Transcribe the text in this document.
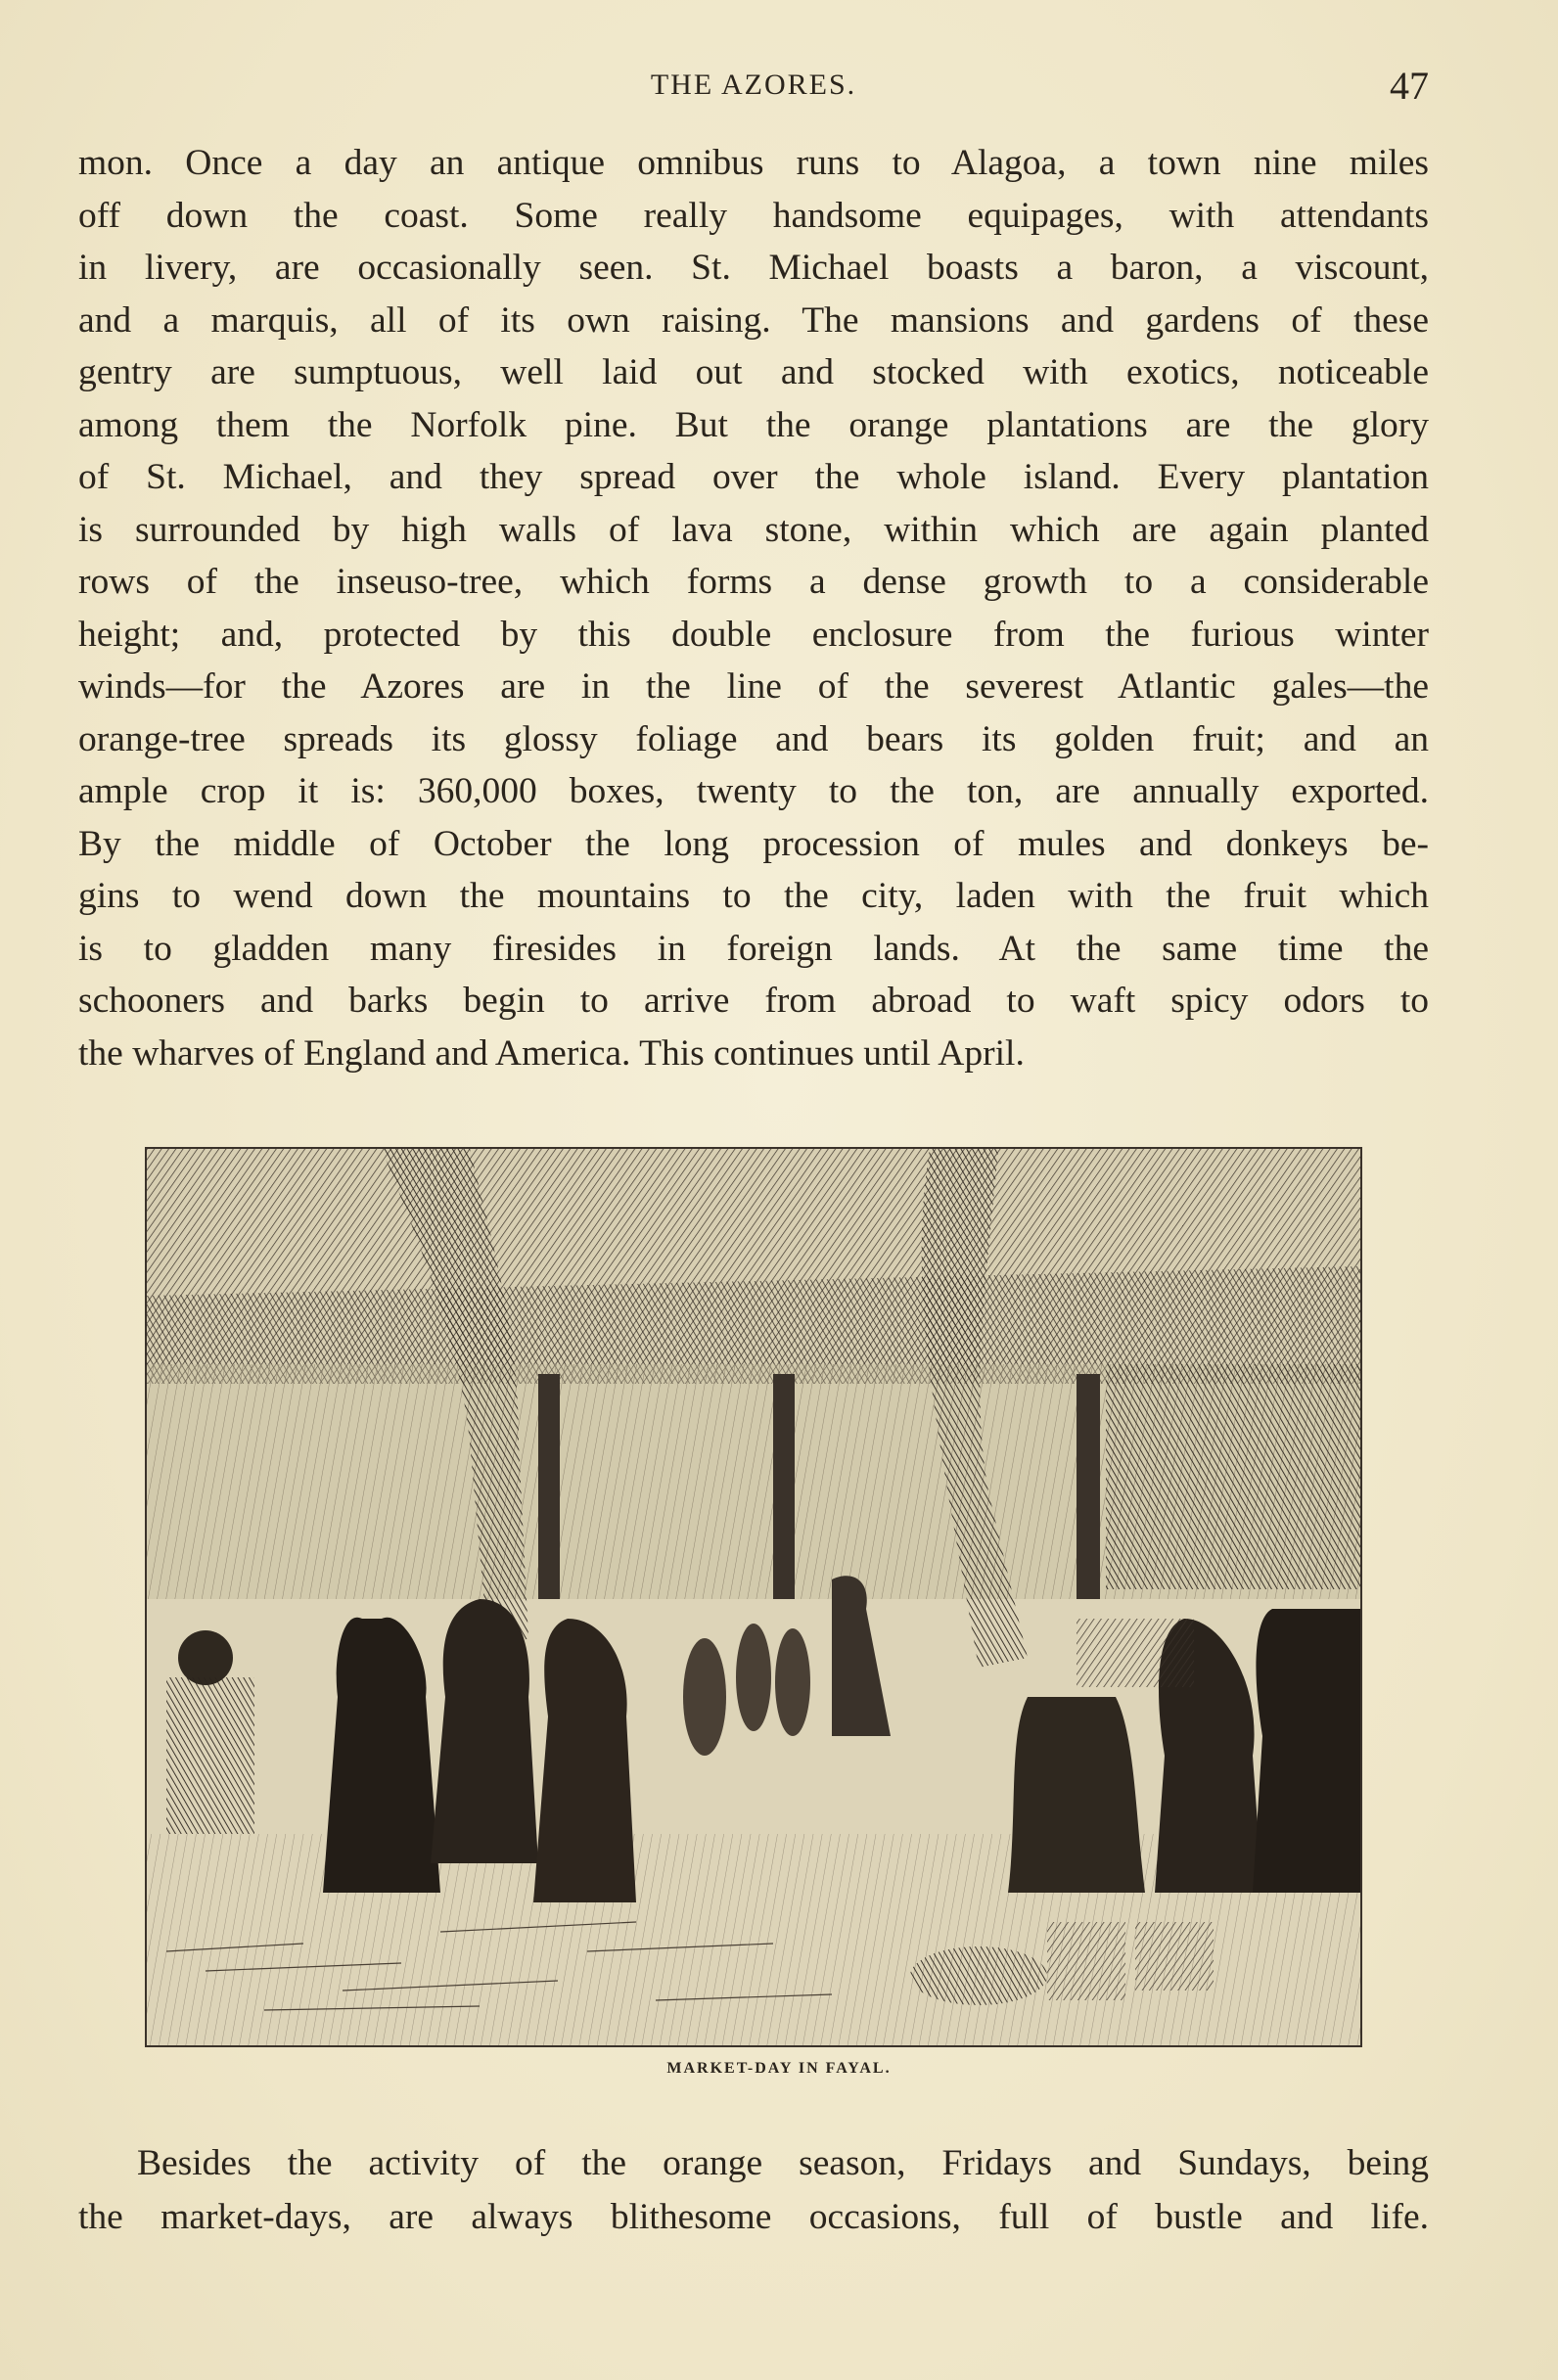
THE AZORES.	47
mon. Once a day an antique omnibus runs to Alagoa, a town nine miles
off down the coast. Some really handsome equipages, with attendants
in livery, are occasionally seen. St. Michael boasts a baron, a viscount,
and a marquis, all of its own raising. The mansions and gardens of these
gentry are sumptuous, well laid out and stocked with exotics, noticeable
among them the Norfolk pine. But the orange plantations are the glory
of St. Michael, and they spread over the whole island. Every plantation
is surrounded by high walls of lava stone, within which are again planted
rows of the inseuso-tree, which forms a dense growth to a considerable
height; and, protected by this double enclosure from the furious winter
winds—for the Azores are in the line of the severest Atlantic gales—the
orange-tree spreads its glossy foliage and bears its golden fruit; and an
ample crop it is: 360,000 boxes, twenty to the ton, are annually exported.
By the middle of October the long procession of mules and donkeys be-
gins to wend down the mountains to the city, laden with the fruit which
is to gladden many firesides in foreign lands. At the same time the
schooners and barks begin to arrive from abroad to waft spicy odors to
the wharves of England and America. This continues until April.
MARKET-DAY IN FAYAL.
Besides the activity of the orange season, Fridays and Sundays, being
the market-days, are always blithesome occasions, full of bustle and life.
